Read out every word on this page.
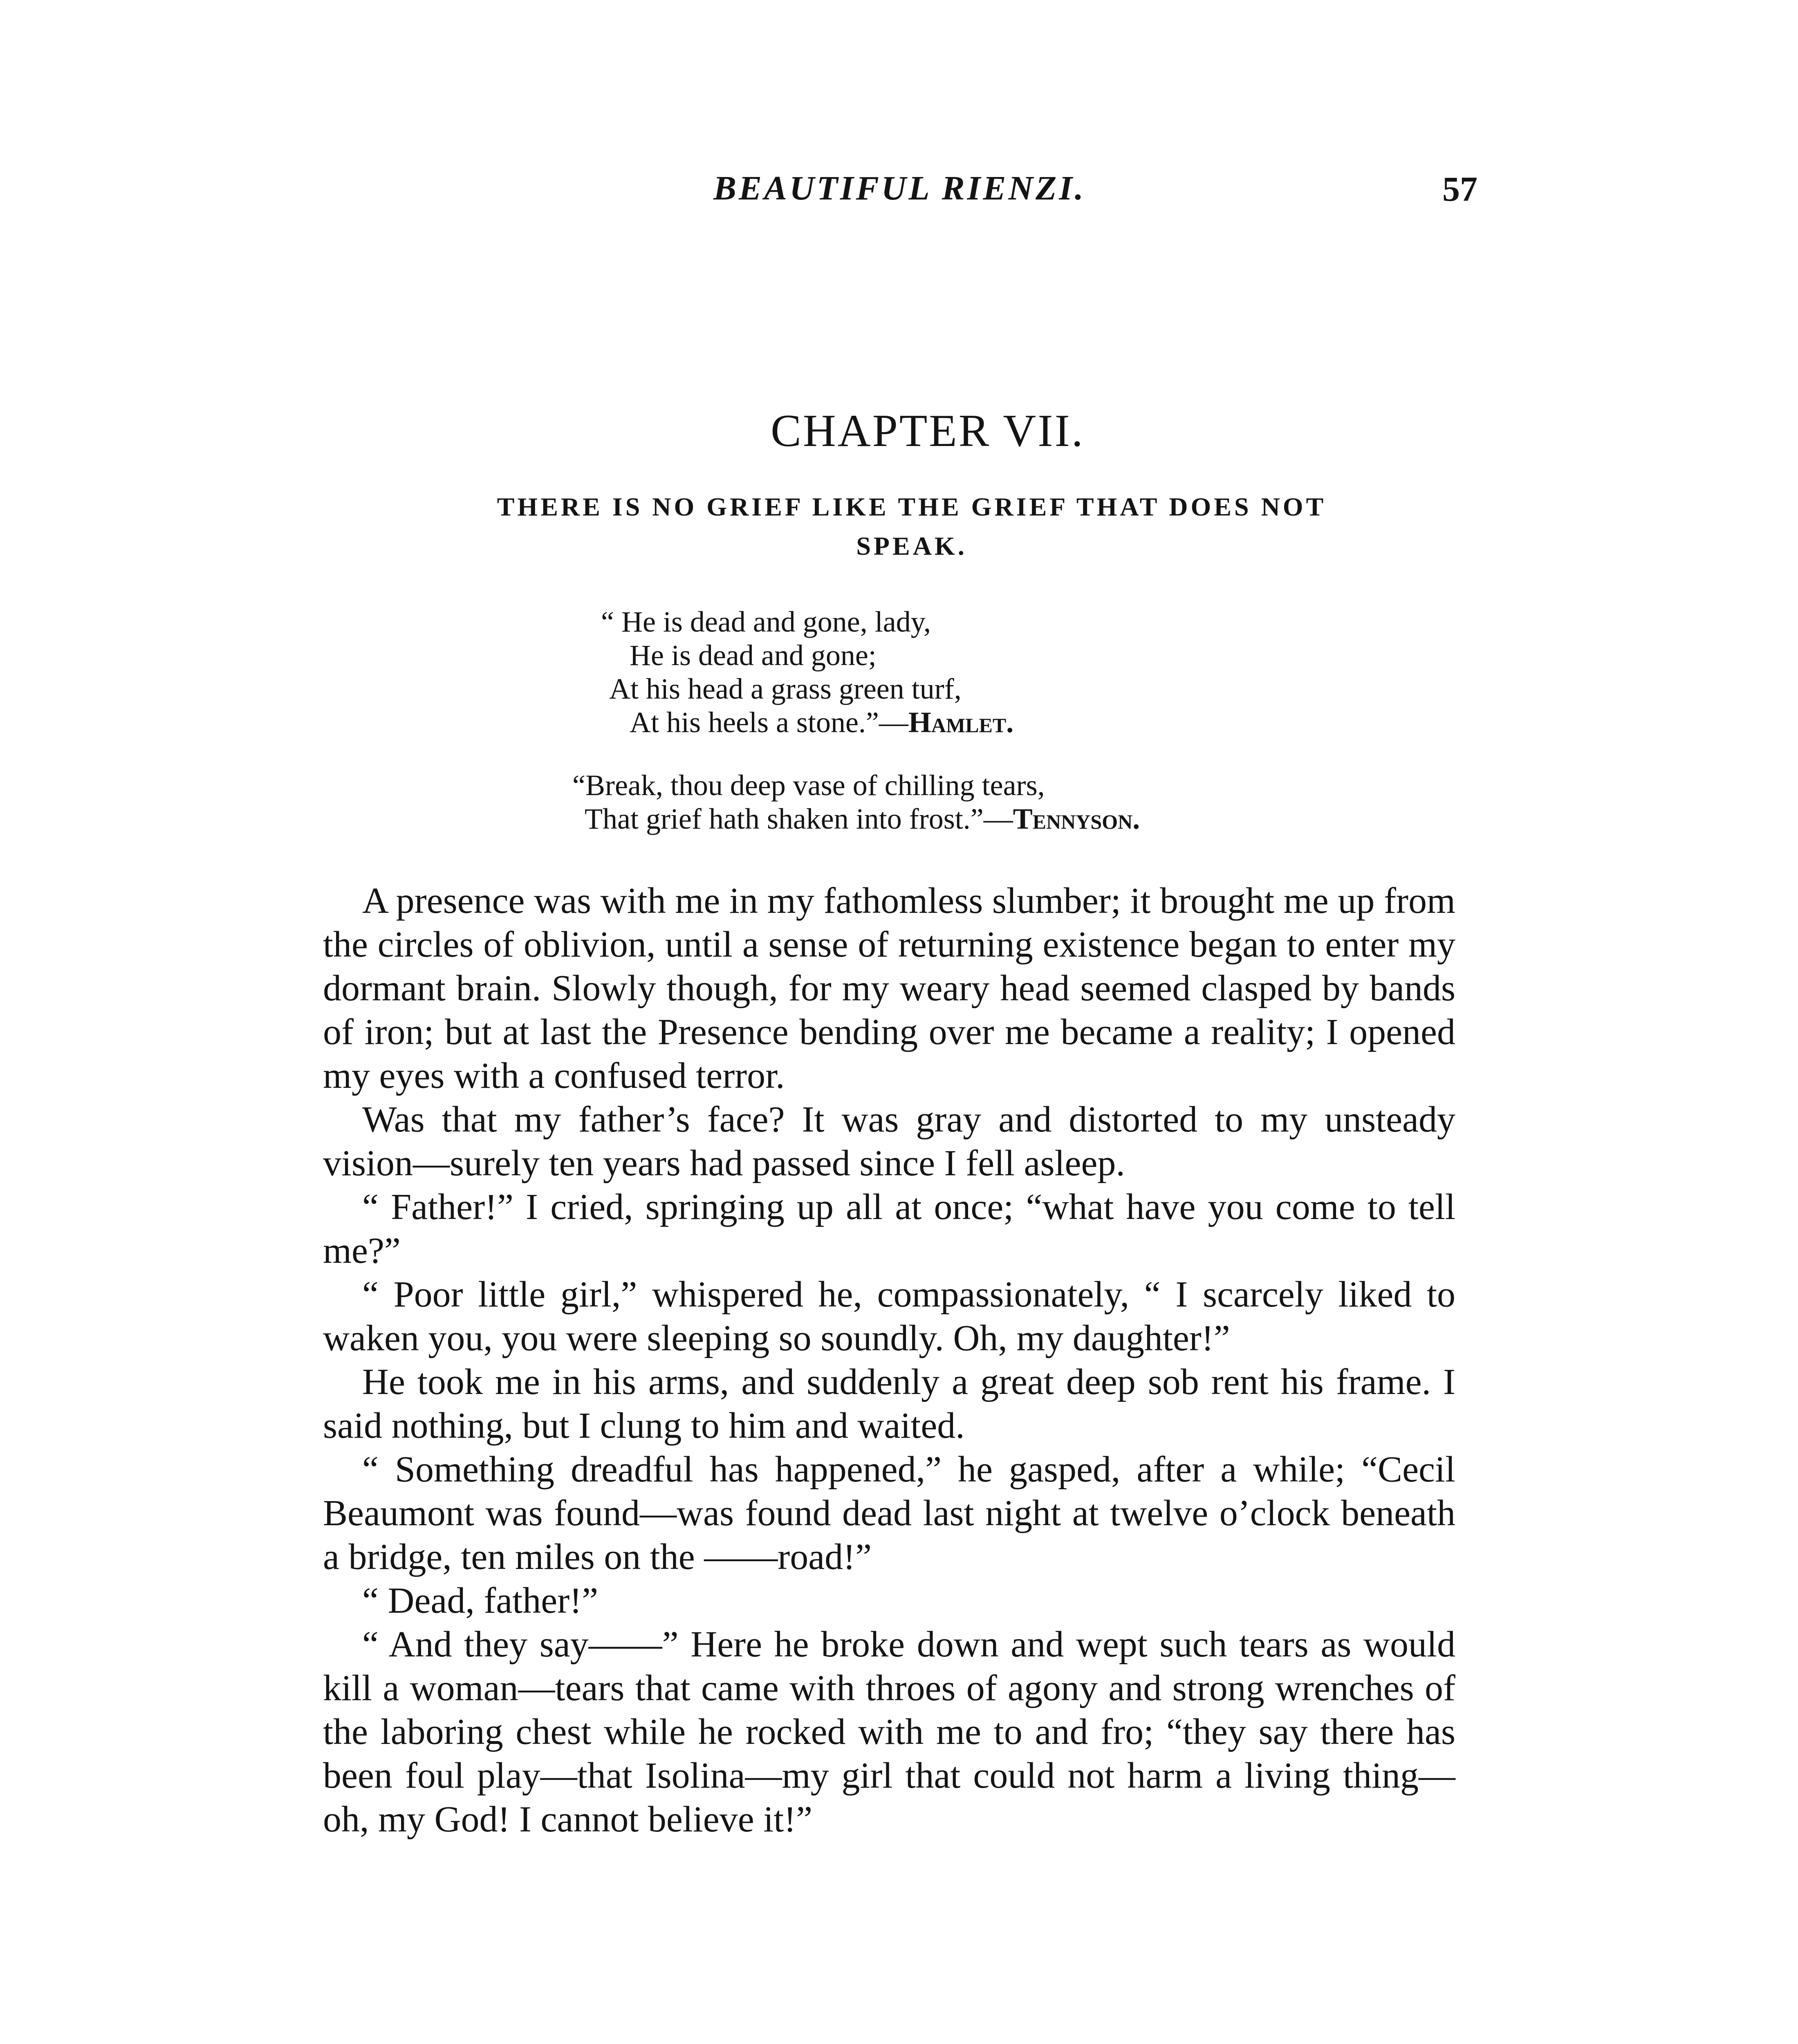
BEAUTIFUL RIENZI.	57
CHAPTER VII.
THERE IS NO GRIEF LIKE THE GRIEF THAT DOES NOT
SPEAK.
“ He is dead and gone, lady,
He is dead and gone;
At his head a grass green turf,
At his heels a stone.”—Hamlet.
“Break, thou deep vase of chilling tears,
That grief hath shaken into frost.”—Tennyson.

A presence was with me in my fathomless slumber; it brought me up from the circles of oblivion, until a sense of returning existence began to enter my dormant brain. Slowly though, for my weary head seemed clasped by bands of iron; but at last the Presence bending over me became a reality; I opened my eyes with a confused terror.

Was that my father’s face? It was gray and distorted to my unsteady vision—surely ten years had passed since I fell asleep.

“ Father!” I cried, springing up all at once; “what have you come to tell me?”

“ Poor little girl,” whispered he, compassionately, “ I scarcely liked to waken you, you were sleeping so soundly. Oh, my daughter!”

He took me in his arms, and suddenly a great deep sob rent his frame. I said nothing, but I clung to him and waited.

“ Something dreadful has happened,” he gasped, after a while; “Cecil Beaumont was found—was found dead last night at twelve o’clock beneath a bridge, ten miles on the ——road!”

“ Dead, father!”

“ And they say——” Here he broke down and wept such tears as would kill a woman—tears that came with throes of agony and strong wrenches of the laboring chest while he rocked with me to and fro; “they say there has been foul play—that Isolina—my girl that could not harm a living thing—oh, my God! I cannot believe it!”
